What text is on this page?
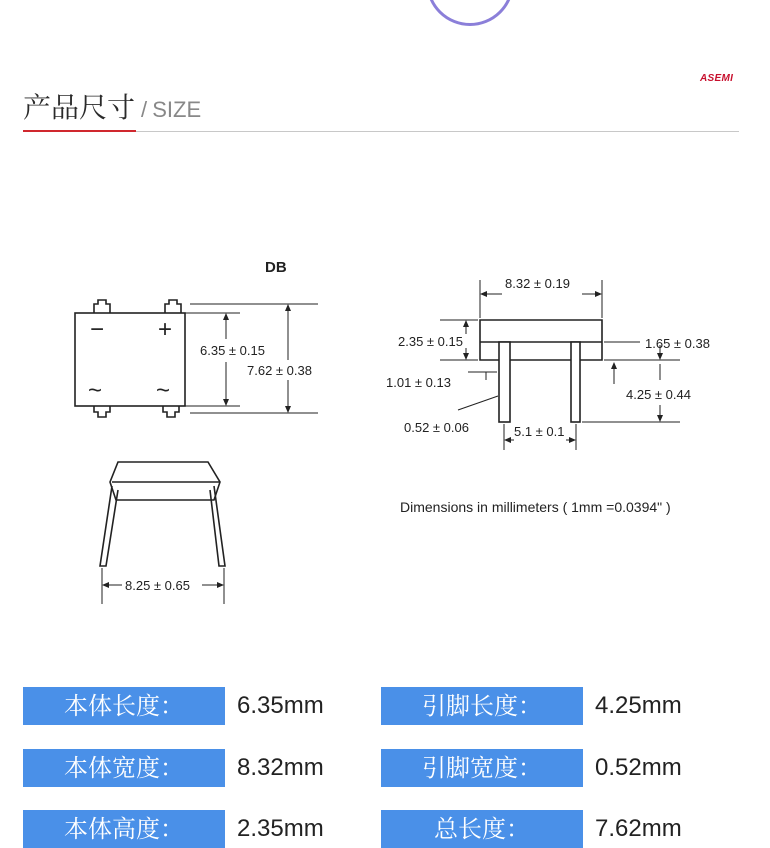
产品尺寸 / SIZE
ASEMI
DB
− +
~ ~
6.35 ± 0.15
7.62 ± 0.38
8.25 ± 0.65
8.32 ± 0.19
2.35 ± 0.15
1.01 ± 0.13
0.52 ± 0.06	5.1 ± 0.1
1.65 ± 0.38
4.25 ± 0.44
Dimensions in millimeters ( 1mm =0.0394" )
本体长度：	6.35mm	引脚长度：	4.25mm
本体宽度：	8.32mm	引脚宽度：	0.52mm
本体高度：	2.35mm	总长度：	7.62mm
